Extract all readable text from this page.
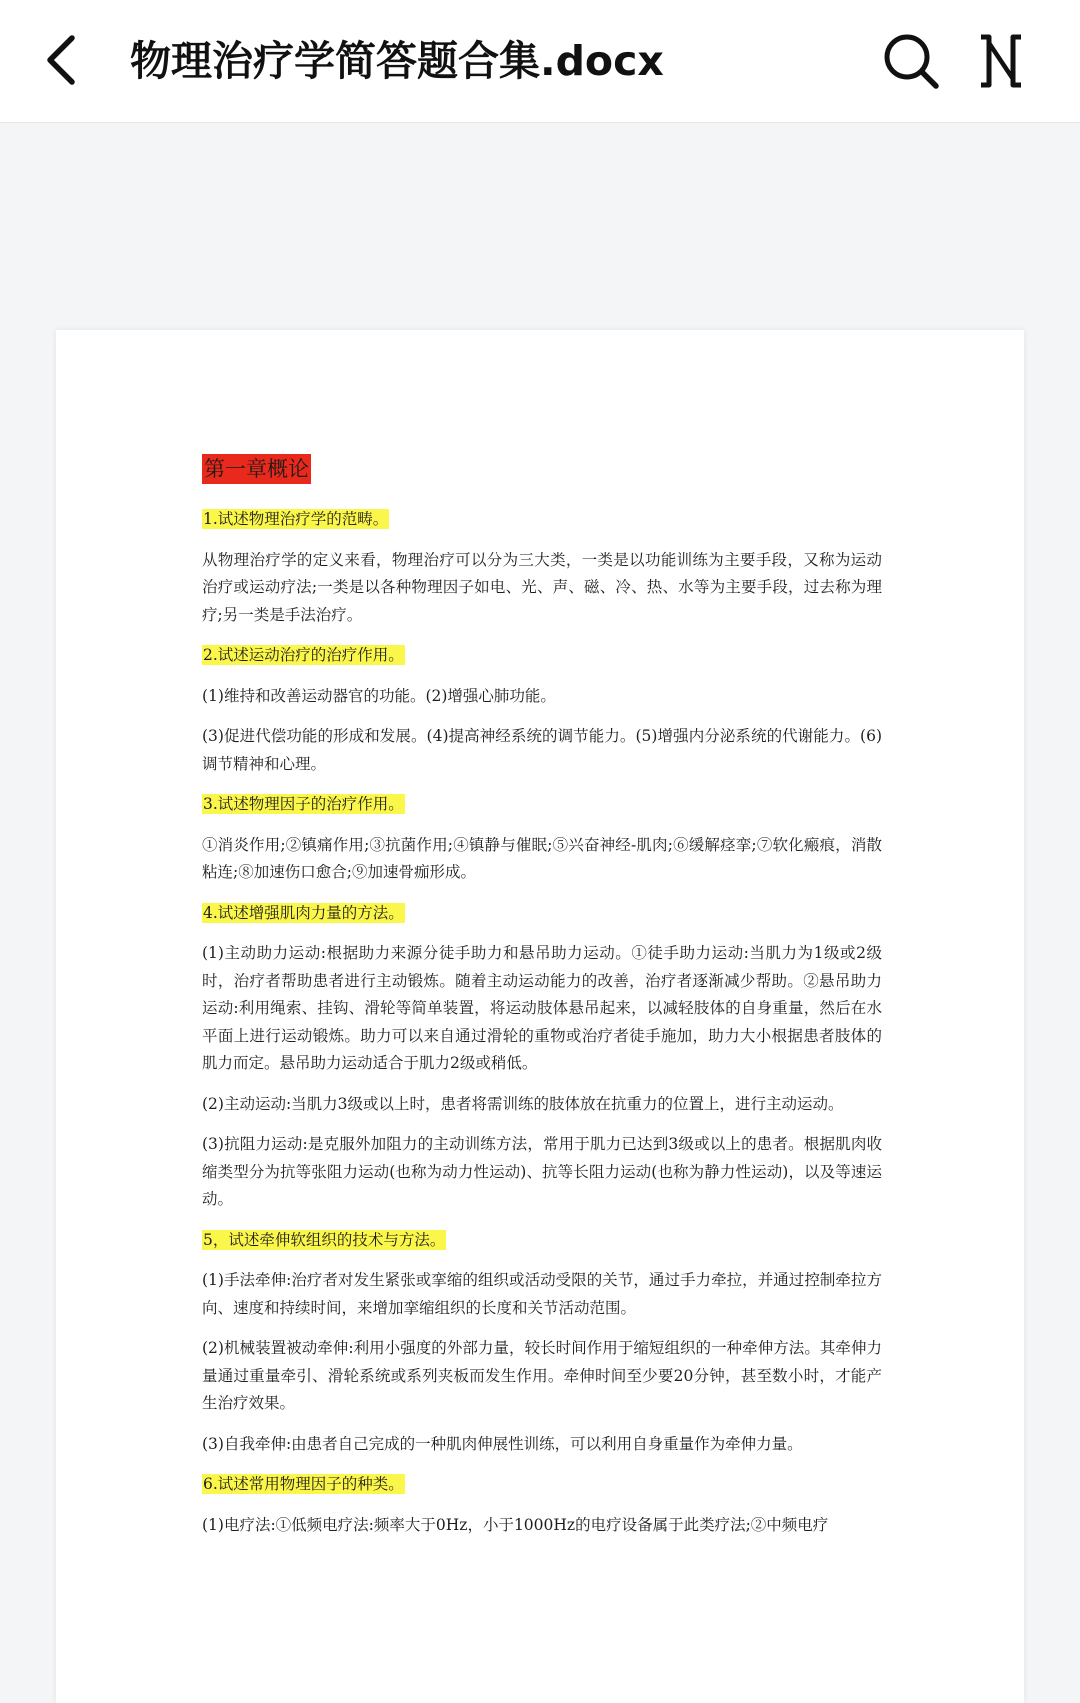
物理治疗学简答题合集.docx
第一章概论
1.试述物理治疗学的范畴。
从物理治疗学的定义来看，物理治疗可以分为三大类，一类是以功能训练为主要手段，又称为运动治疗或运动疗法;一类是以各种物理因子如电、光、声、磁、冷、热、水等为主要手段，过去称为理疗;另一类是手法治疗。
2.试述运动治疗的治疗作用。
(1)维持和改善运动器官的功能。(2)增强心肺功能。
(3)促进代偿功能的形成和发展。(4)提高神经系统的调节能力。(5)增强内分泌系统的代谢能力。(6)调节精神和心理。
3.试述物理因子的治疗作用。
①消炎作用;②镇痛作用;③抗菌作用;④镇静与催眠;⑤兴奋神经-肌肉;⑥缓解痉挛;⑦软化瘢痕，消散粘连;⑧加速伤口愈合;⑨加速骨痂形成。
4.试述增强肌肉力量的方法。
(1)主动助力运动:根据助力来源分徒手助力和悬吊助力运动。①徒手助力运动:当肌力为1级或2级时，治疗者帮助患者进行主动锻炼。随着主动运动能力的改善，治疗者逐渐减少帮助。②悬吊助力运动:利用绳索、挂钩、滑轮等简单装置，将运动肢体悬吊起来，以减轻肢体的自身重量，然后在水平面上进行运动锻炼。助力可以来自通过滑轮的重物或治疗者徒手施加，助力大小根据患者肢体的肌力而定。悬吊助力运动适合于肌力2级或稍低。
(2)主动运动:当肌力3级或以上时，患者将需训练的肢体放在抗重力的位置上，进行主动运动。
(3)抗阻力运动:是克服外加阻力的主动训练方法，常用于肌力已达到3级或以上的患者。根据肌肉收缩类型分为抗等张阻力运动(也称为动力性运动)、抗等长阻力运动(也称为静力性运动)，以及等速运动。
5，试述牵伸软组织的技术与方法。
(1)手法牵伸:治疗者对发生紧张或挛缩的组织或活动受限的关节，通过手力牵拉，并通过控制牵拉方向、速度和持续时间，来增加挛缩组织的长度和关节活动范围。
(2)机械装置被动牵伸:利用小强度的外部力量，较长时间作用于缩短组织的一种牵伸方法。其牵伸力量通过重量牵引、滑轮系统或系列夹板而发生作用。牵伸时间至少要20分钟，甚至数小时，才能产生治疗效果。
(3)自我牵伸:由患者自己完成的一种肌肉伸展性训练，可以利用自身重量作为牵伸力量。
6.试述常用物理因子的种类。
(1)电疗法:①低频电疗法:频率大于0Hz，小于1000Hz的电疗设备属于此类疗法;②中频电疗
